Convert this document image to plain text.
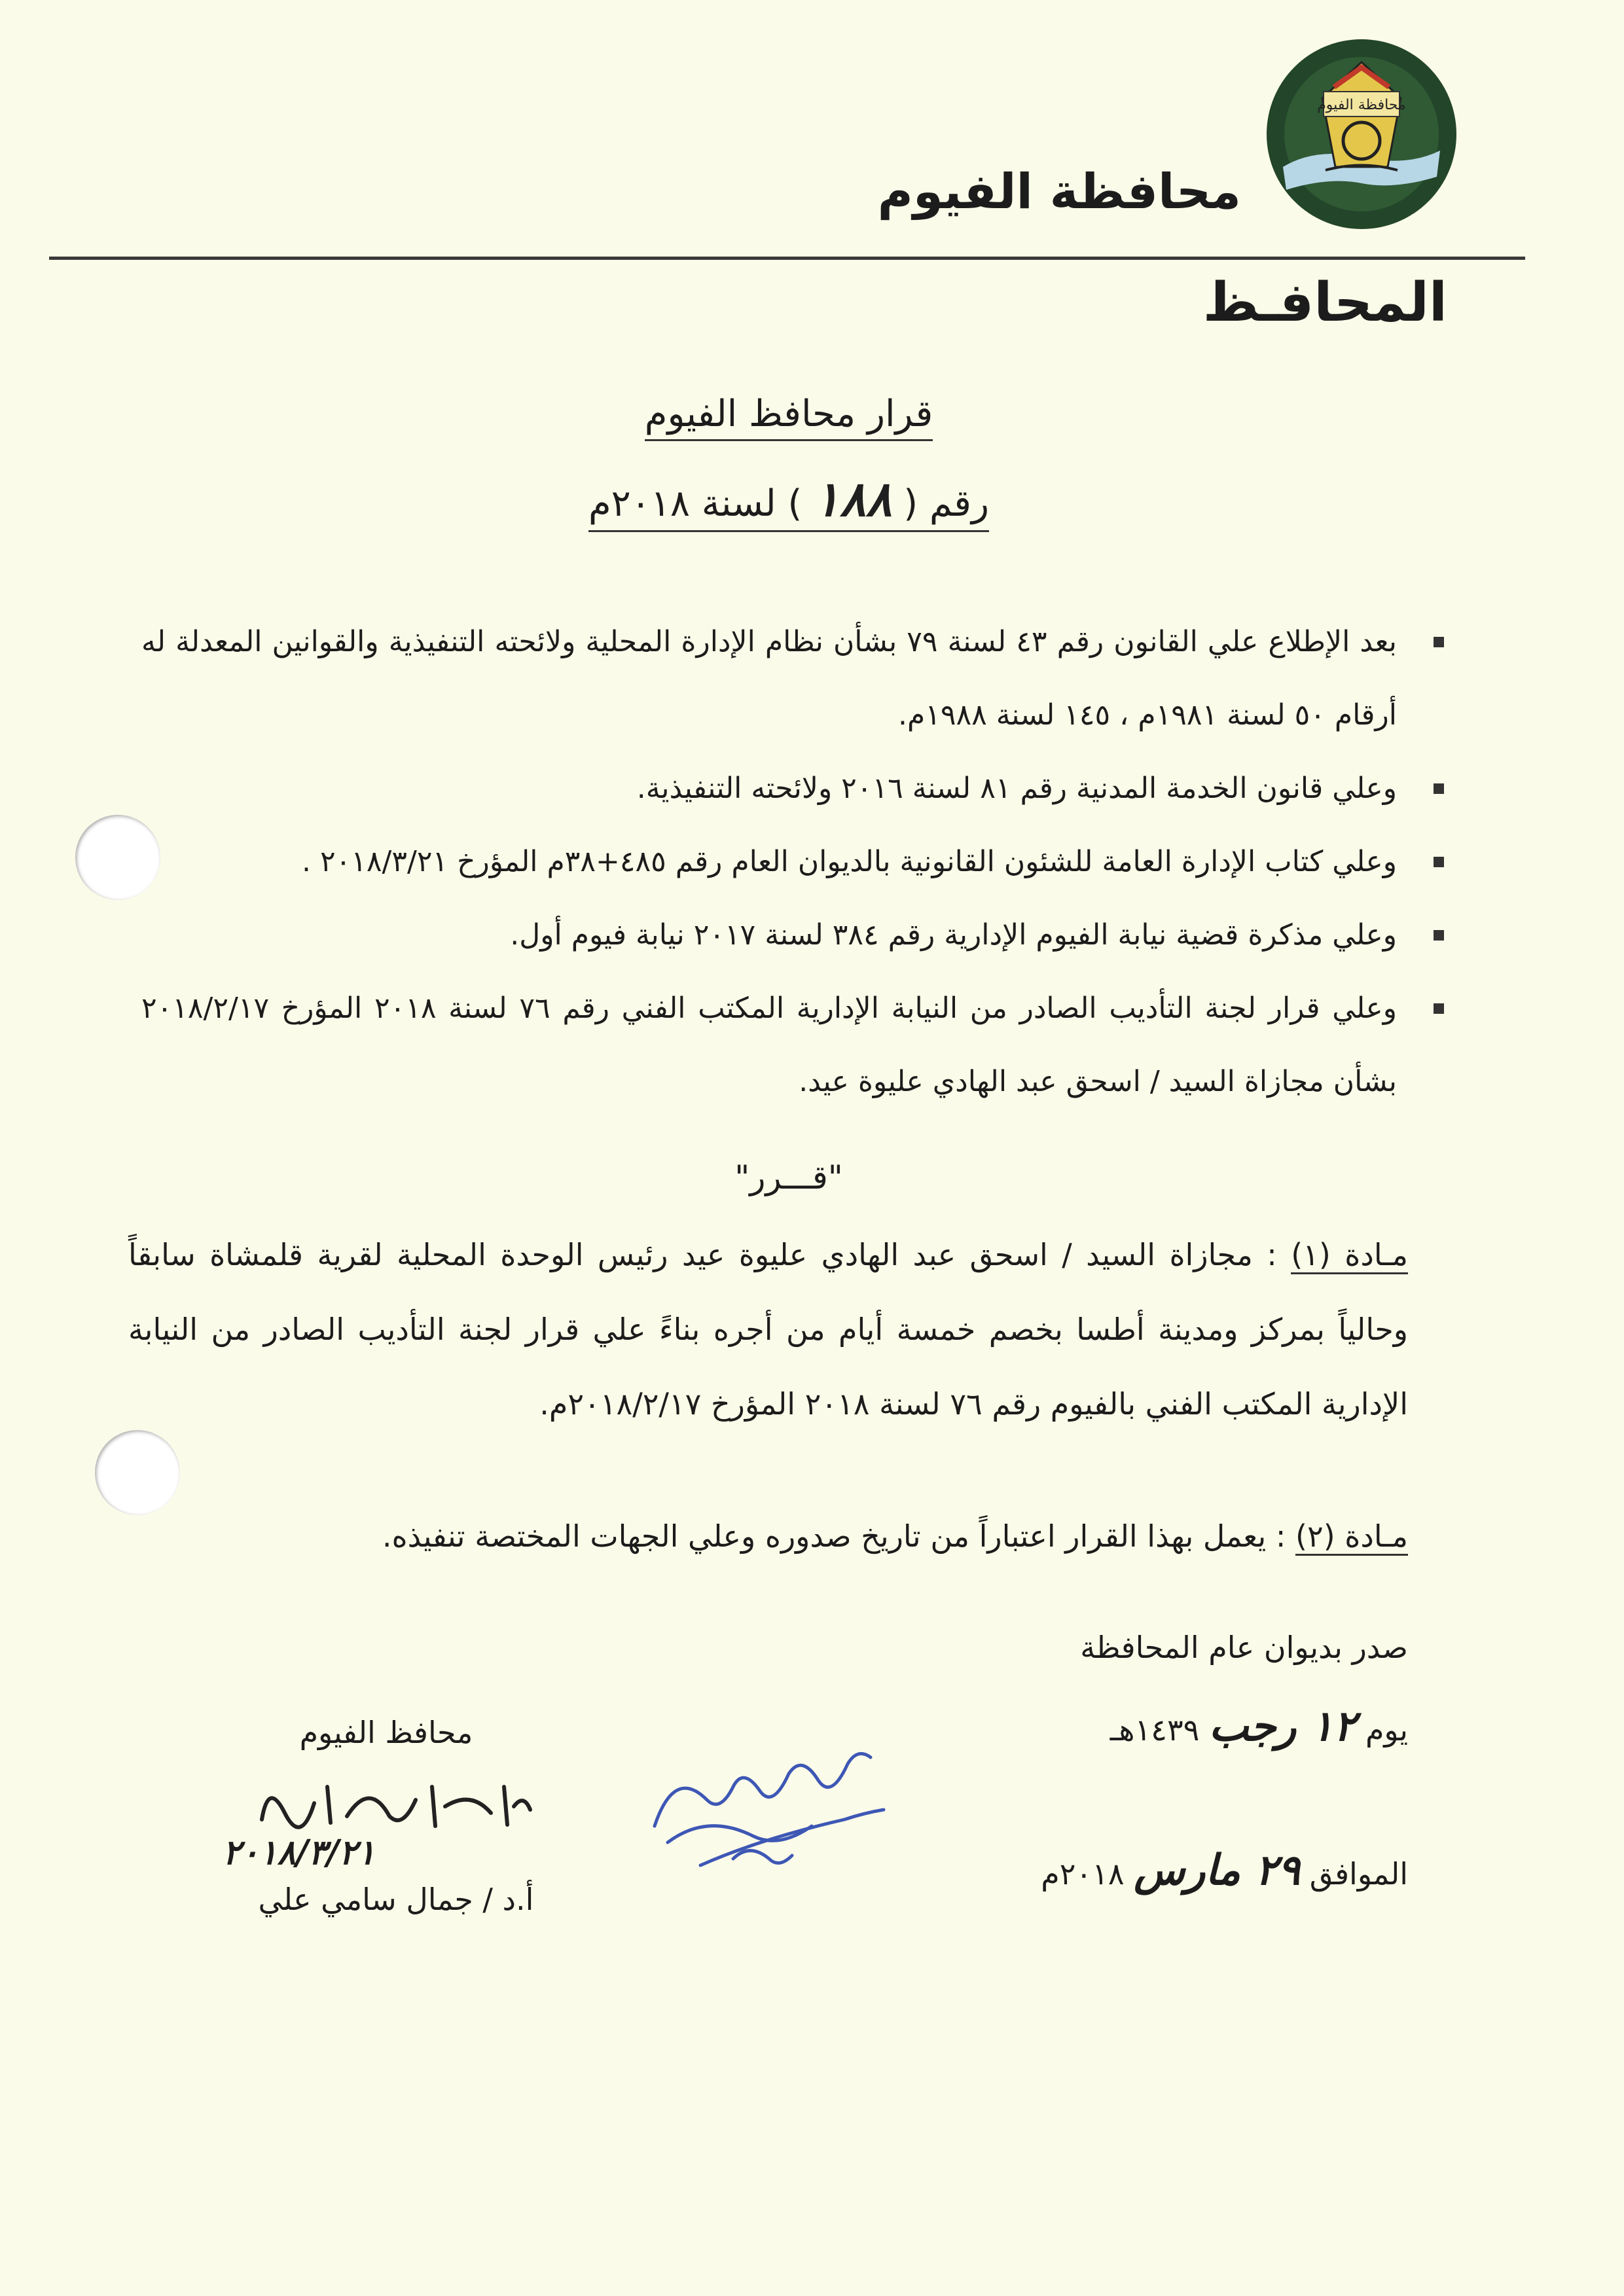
محافظة الفيوم
محافظة الفيوم
المحافـظ
قرار محافظ الفيوم
رقم ( ١٨٨ ) لسنة ٢٠١٨م
بعد الإطلاع علي القانون رقم ٤٣ لسنة ٧٩ بشأن نظام الإدارة المحلية ولائحته التنفيذية والقوانين المعدلة له أرقام ٥٠ لسنة ١٩٨١م ، ١٤٥ لسنة ١٩٨٨م.
وعلي قانون الخدمة المدنية رقم ٨١ لسنة ٢٠١٦ ولائحته التنفيذية.
وعلي كتاب الإدارة العامة للشئون القانونية بالديوان العام رقم ٤٨٥+٣٨م المؤرخ ٢٠١٨/٣/٢١ .
وعلي مذكرة قضية نيابة الفيوم الإدارية رقم ٣٨٤ لسنة ٢٠١٧ نيابة فيوم أول.
وعلي قرار لجنة التأديب الصادر من النيابة الإدارية المكتب الفني رقم ٧٦ لسنة ٢٠١٨ المؤرخ ٢٠١٨/٢/١٧ بشأن مجازاة السيد / اسحق عبد الهادي عليوة عيد.
"قـــرر"

مـادة (١) : مجازاة السيد / اسحق عبد الهادي عليوة عيد رئيس الوحدة المحلية لقرية قلمشاة سابقاً وحالياً بمركز ومدينة أطسا بخصم خمسة أيام من أجره بناءً علي قرار لجنة التأديب الصادر من النيابة الإدارية المكتب الفني بالفيوم رقم ٧٦ لسنة ٢٠١٨ المؤرخ ٢٠١٨/٢/١٧م.

مـادة (٢) : يعمل بهذا القرار اعتباراً من تاريخ صدوره وعلي الجهات المختصة تنفيذه.

صدر بديوان عام المحافظة
يوم ١٢ رجب ١٤٣٩هـ
الموافق ٢٩ مارس ٢٠١٨م
محافظ الفيوم
٢٠١٨/٣/٢١
أ.د / جمال سامي علي
